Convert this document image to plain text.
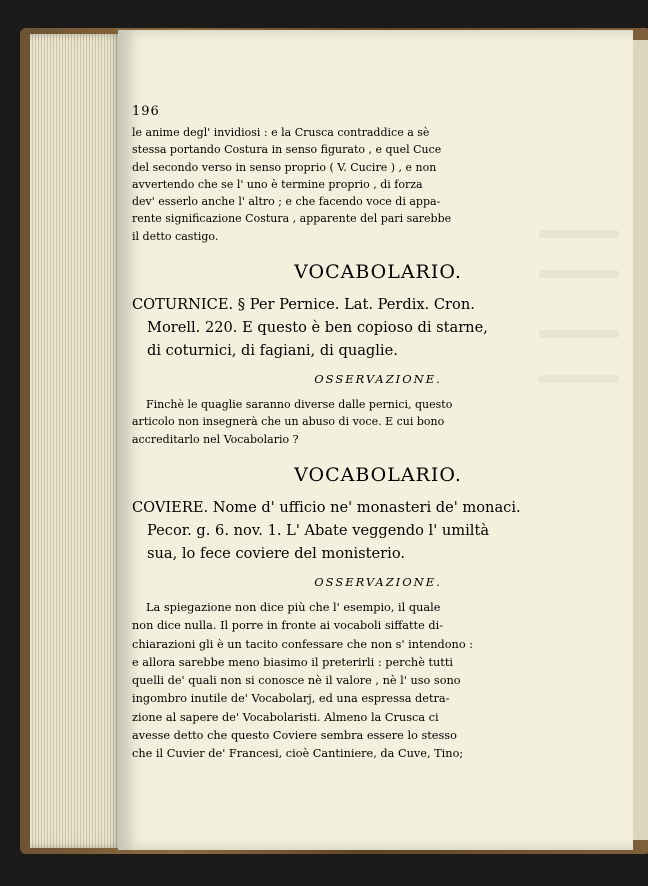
196

le anime degl' invidiosi : e la Crusca contraddice a sè
stessa portando Costura in senso figurato , e quel Cuce
del secondo verso in senso proprio ( V. Cucire ) , e non
avvertendo che se l' uno è termine proprio , di forza
dev' esserlo anche l' altro ; e che facendo voce di appa-
rente significazione Costura , apparente del pari sarebbe
il detto castigo.

VOCABOLARIO.

COTURNICE. § Per Pernice. Lat. Perdix. Cron.
Morell. 220. E questo è ben copioso di starne,
di coturnici, di fagiani, di quaglie.

OSSERVAZIONE.

Finchè le quaglie saranno diverse dalle pernici, questo
articolo non insegnerà che un abuso di voce. E cui bono
accreditarlo nel Vocabolario ?

VOCABOLARIO.

COVIERE. Nome d' ufficio ne' monasteri de' monaci.
Pecor. g. 6. nov. 1. L' Abate veggendo l' umiltà
sua, lo fece coviere del monisterio.

OSSERVAZIONE.

La spiegazione non dice più che l' esempio, il quale
non dice nulla. Il porre in fronte ai vocaboli siffatte di-
chiarazioni gli è un tacito confessare che non s' intendono :
e allora sarebbe meno biasimo il preterirli : perchè tutti
quelli de' quali non si conosce nè il valore , nè l' uso sono
ingombro inutile de' Vocabolarj, ed una espressa detra-
zione al sapere de' Vocabolaristi. Almeno la Crusca ci
avesse detto che questo Coviere sembra essere lo stesso
che il Cuvier de' Francesi, cioè Cantiniere, da Cuve, Tino;
